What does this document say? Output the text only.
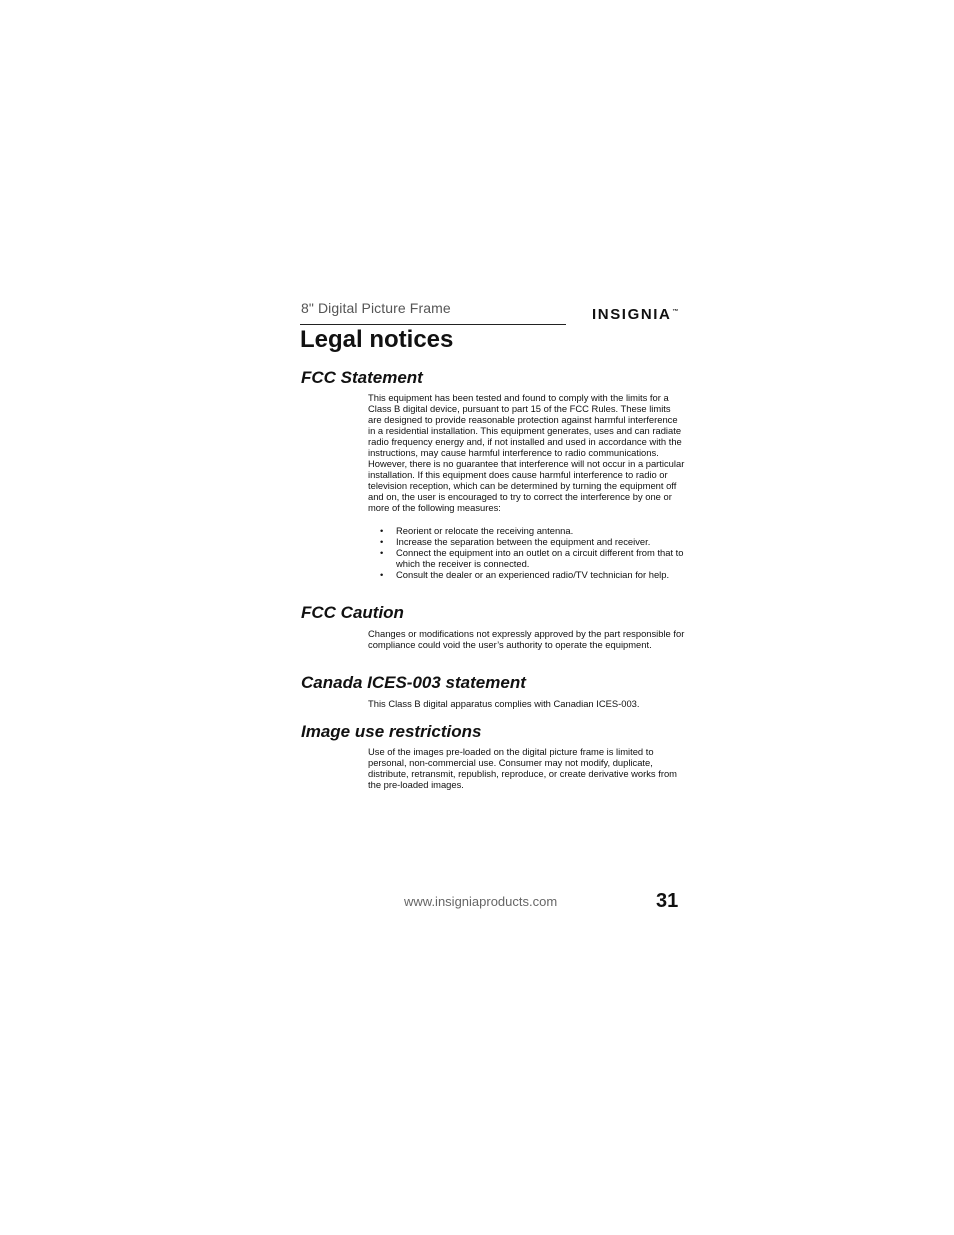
8" Digital Picture Frame	INSIGNIA™
Legal notices
FCC Statement

This equipment has been tested and found to comply with the limits for a Class B digital device, pursuant to part 15 of the FCC Rules. These limits are designed to provide reasonable protection against harmful interference in a residential installation. This equipment generates, uses and can radiate radio frequency energy and, if not installed and used in accordance with the instructions, may cause harmful interference to radio communications. However, there is no guarantee that interference will not occur in a particular installation. If this equipment does cause harmful interference to radio or television reception, which can be determined by turning the equipment off and on, the user is encouraged to try to correct the interference by one or more of the following measures:

• Reorient or relocate the receiving antenna.
• Increase the separation between the equipment and receiver.
• Connect the equipment into an outlet on a circuit different from that to which the receiver is connected.
• Consult the dealer or an experienced radio/TV technician for help.
FCC Caution

Changes or modifications not expressly approved by the part responsible for compliance could void the user’s authority to operate the equipment.

Canada ICES-003 statement

This Class B digital apparatus complies with Canadian ICES-003.

Image use restrictions

Use of the images pre-loaded on the digital picture frame is limited to personal, non-commercial use. Consumer may not modify, duplicate, distribute, retransmit, republish, reproduce, or create derivative works from the pre-loaded images.

www.insigniaproducts.com	31
